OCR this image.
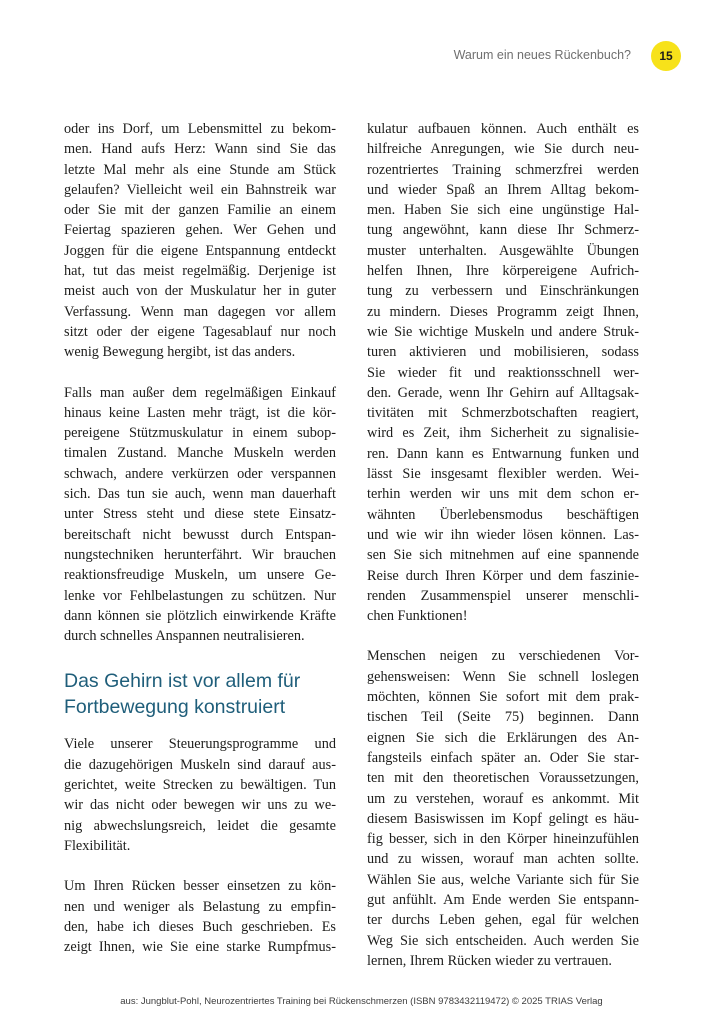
Warum ein neues Rückenbuch?	15
oder ins Dorf, um Lebensmittel zu bekom-
men. Hand aufs Herz: Wann sind Sie das
letzte Mal mehr als eine Stunde am Stück
gelaufen? Vielleicht weil ein Bahnstreik war
oder Sie mit der ganzen Familie an einem
Feiertag spazieren gehen. Wer Gehen und
Joggen für die eigene Entspannung entdeckt
hat, tut das meist regelmäßig. Derjenige ist
meist auch von der Muskulatur her in guter
Verfassung. Wenn man dagegen vor allem
sitzt oder der eigene Tagesablauf nur noch
wenig Bewegung hergibt, ist das anders.
Falls man außer dem regelmäßigen Einkauf
hinaus keine Lasten mehr trägt, ist die kör-
pereigene Stützmuskulatur in einem subop-
timalen Zustand. Manche Muskeln werden
schwach, andere verkürzen oder verspannen
sich. Das tun sie auch, wenn man dauerhaft
unter Stress steht und diese stete Einsatz-
bereitschaft nicht bewusst durch Entspan-
nungstechniken herunterfährt. Wir brauchen
reaktionsfreudige Muskeln, um unsere Ge-
lenke vor Fehlbelastungen zu schützen. Nur
dann können sie plötzlich einwirkende Kräfte
durch schnelles Anspannen neutralisieren.
Das Gehirn ist vor allem für
Fortbewegung konstruiert
Viele unserer Steuerungsprogramme und
die dazugehörigen Muskeln sind darauf aus-
gerichtet, weite Strecken zu bewältigen. Tun
wir das nicht oder bewegen wir uns zu we-
nig abwechslungsreich, leidet die gesamte
Flexibilität.
Um Ihren Rücken besser einsetzen zu kön-
nen und weniger als Belastung zu empfin-
den, habe ich dieses Buch geschrieben. Es
zeigt Ihnen, wie Sie eine starke Rumpfmus-
kulatur aufbauen können. Auch enthält es
hilfreiche Anregungen, wie Sie durch neu-
rozentriertes Training schmerzfrei werden
und wieder Spaß an Ihrem Alltag bekom-
men. Haben Sie sich eine ungünstige Hal-
tung angewöhnt, kann diese Ihr Schmerz-
muster unterhalten. Ausgewählte Übungen
helfen Ihnen, Ihre körpereigene Aufrich-
tung zu verbessern und Einschränkungen
zu mindern. Dieses Programm zeigt Ihnen,
wie Sie wichtige Muskeln und andere Struk-
turen aktivieren und mobilisieren, sodass
Sie wieder fit und reaktionsschnell wer-
den. Gerade, wenn Ihr Gehirn auf Alltagsak-
tivitäten mit Schmerzbotschaften reagiert,
wird es Zeit, ihm Sicherheit zu signalisie-
ren. Dann kann es Entwarnung funken und
lässt Sie insgesamt flexibler werden. Wei-
terhin werden wir uns mit dem schon er-
wähnten Überlebensmodus beschäftigen
und wie wir ihn wieder lösen können. Las-
sen Sie sich mitnehmen auf eine spannende
Reise durch Ihren Körper und dem faszinie-
renden Zusammenspiel unserer menschli-
chen Funktionen!
Menschen neigen zu verschiedenen Vor-
gehensweisen: Wenn Sie schnell loslegen
möchten, können Sie sofort mit dem prak-
tischen Teil (Seite 75) beginnen. Dann
eignen Sie sich die Erklärungen des An-
fangsteils einfach später an. Oder Sie star-
ten mit den theoretischen Voraussetzungen,
um zu verstehen, worauf es ankommt. Mit
diesem Basiswissen im Kopf gelingt es häu-
fig besser, sich in den Körper hineinzufühlen
und zu wissen, worauf man achten sollte.
Wählen Sie aus, welche Variante sich für Sie
gut anfühlt. Am Ende werden Sie entspann-
ter durchs Leben gehen, egal für welchen
Weg Sie sich entscheiden. Auch werden Sie
lernen, Ihrem Rücken wieder zu vertrauen.
aus: Jungblut-Pohl, Neurozentriertes Training bei Rückenschmerzen (ISBN 9783432119472) © 2025 TRIAS Verlag
